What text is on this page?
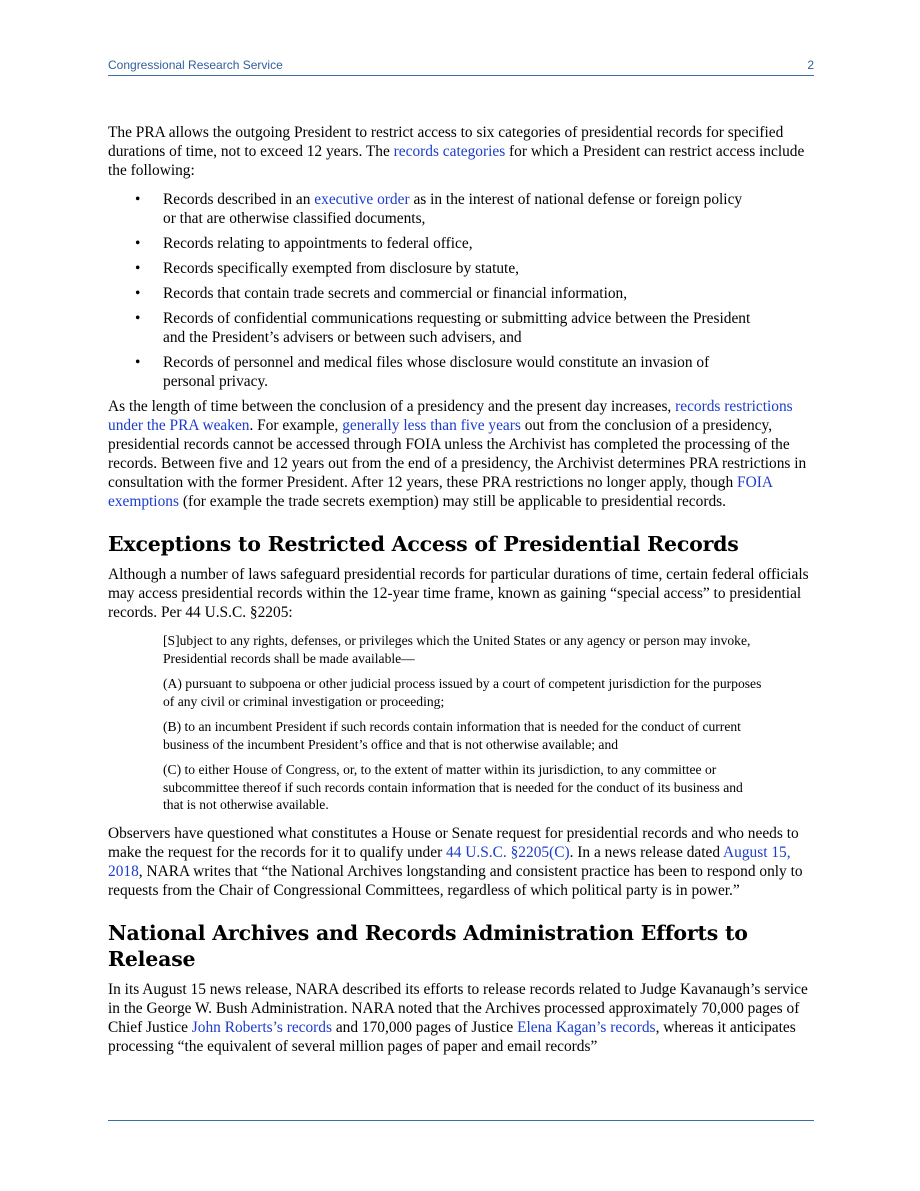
Congressional Research Service	2

The PRA allows the outgoing President to restrict access to six categories of presidential records for specified durations of time, not to exceed 12 years. The records categories for which a President can restrict access include the following:

• Records described in an executive order as in the interest of national defense or foreign policy or that are otherwise classified documents,
• Records relating to appointments to federal office,
• Records specifically exempted from disclosure by statute,
• Records that contain trade secrets and commercial or financial information,
• Records of confidential communications requesting or submitting advice between the President and the President’s advisers or between such advisers, and
• Records of personnel and medical files whose disclosure would constitute an invasion of personal privacy.

As the length of time between the conclusion of a presidency and the present day increases, records restrictions under the PRA weaken. For example, generally less than five years out from the conclusion of a presidency, presidential records cannot be accessed through FOIA unless the Archivist has completed the processing of the records. Between five and 12 years out from the end of a presidency, the Archivist determines PRA restrictions in consultation with the former President. After 12 years, these PRA restrictions no longer apply, though FOIA exemptions (for example the trade secrets exemption) may still be applicable to presidential records.

Exceptions to Restricted Access of Presidential Records

Although a number of laws safeguard presidential records for particular durations of time, certain federal officials may access presidential records within the 12-year time frame, known as gaining “special access” to presidential records. Per 44 U.S.C. §2205:

[S]ubject to any rights, defenses, or privileges which the United States or any agency or person may invoke, Presidential records shall be made available—

(A) pursuant to subpoena or other judicial process issued by a court of competent jurisdiction for the purposes of any civil or criminal investigation or proceeding;

(B) to an incumbent President if such records contain information that is needed for the conduct of current business of the incumbent President’s office and that is not otherwise available; and

(C) to either House of Congress, or, to the extent of matter within its jurisdiction, to any committee or subcommittee thereof if such records contain information that is needed for the conduct of its business and that is not otherwise available.

Observers have questioned what constitutes a House or Senate request for presidential records and who needs to make the request for the records for it to qualify under 44 U.S.C. §2205(C). In a news release dated August 15, 2018, NARA writes that “the National Archives longstanding and consistent practice has been to respond only to requests from the Chair of Congressional Committees, regardless of which political party is in power.”

National Archives and Records Administration Efforts to Release

In its August 15 news release, NARA described its efforts to release records related to Judge Kavanaugh’s service in the George W. Bush Administration. NARA noted that the Archives processed approximately 70,000 pages of Chief Justice John Roberts’s records and 170,000 pages of Justice Elena Kagan’s records, whereas it anticipates processing “the equivalent of several million pages of paper and email records”
